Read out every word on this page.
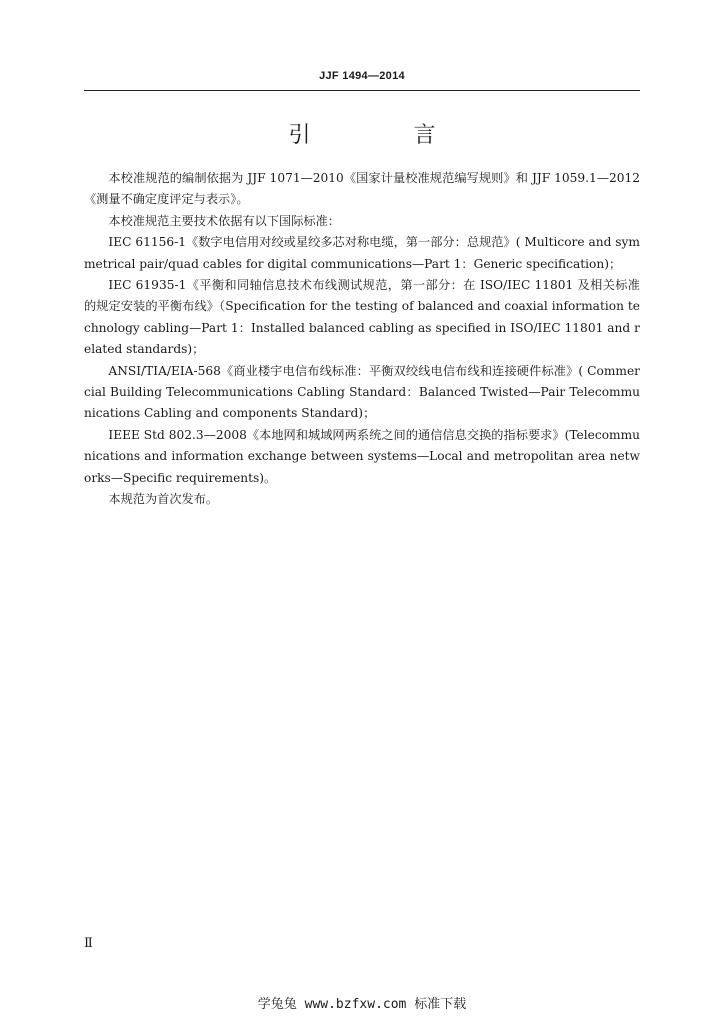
JJF 1494—2014
引 言

本校准规范的编制依据为 JJF 1071—2010《国家计量校准规范编写规则》和 JJF 1059.1—2012《测量不确定度评定与表示》。

本校准规范主要技术依据有以下国际标准：

IEC 61156-1《数字电信用对绞或星绞多芯对称电缆，第一部分：总规范》( Multicore and symmetrical pair/quad cables for digital communications—Part 1：Generic specification)；

IEC 61935-1《平衡和同轴信息技术布线测试规范，第一部分：在 ISO/IEC 11801 及相关标准的规定安装的平衡布线》（Specification for the testing of balanced and coaxial information technology cabling—Part 1：Installed balanced cabling as specified in ISO/IEC 11801 and related standards)；

ANSI/TIA/EIA-568《商业楼宇电信布线标准：平衡双绞线电信布线和连接硬件标准》( Commercial Building Telecommunications Cabling Standard：Balanced Twisted—Pair Telecommunications Cabling and components Standard)；

IEEE Std 802.3—2008《本地网和城域网两系统之间的通信信息交换的指标要求》(Telecommunications and information exchange between systems—Local and metropolitan area networks—Specific requirements)。

本规范为首次发布。

Ⅱ
学兔兔 www.bzfxw.com 标准下载
